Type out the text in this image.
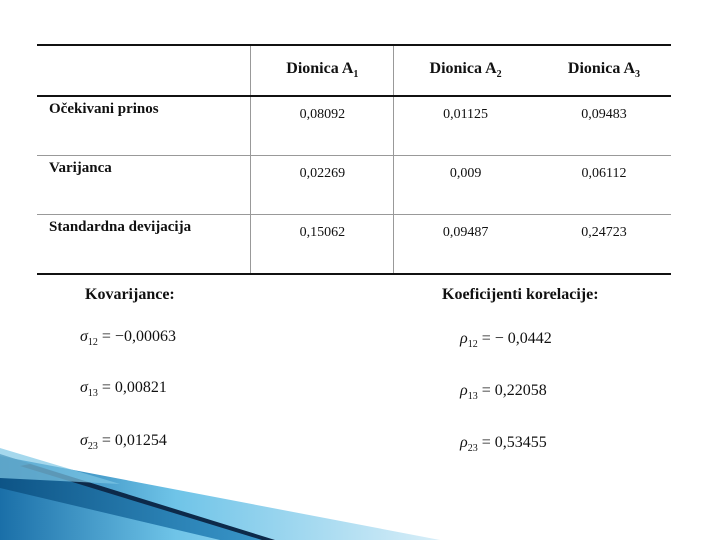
	Dionica $A_1$	Dionica $A_2$	Dionica $A_3$
Očekivani prinos	0,08092	0,01125	0,09483
Varijanca	0,02269	0,009	0,06112
Standardna devijacija	0,15062	0,09487	0,24723
Kovarijance:	Koeficijenti korelacije:
$\sigma_{12} = -0,00063$
$\sigma_{13} = 0,00821$
$\sigma_{23} = 0,01254$
$\rho_{12}$ = − 0,0442
$\rho_{13} = 0,22058$
$\rho_{23} = 0,53455$
